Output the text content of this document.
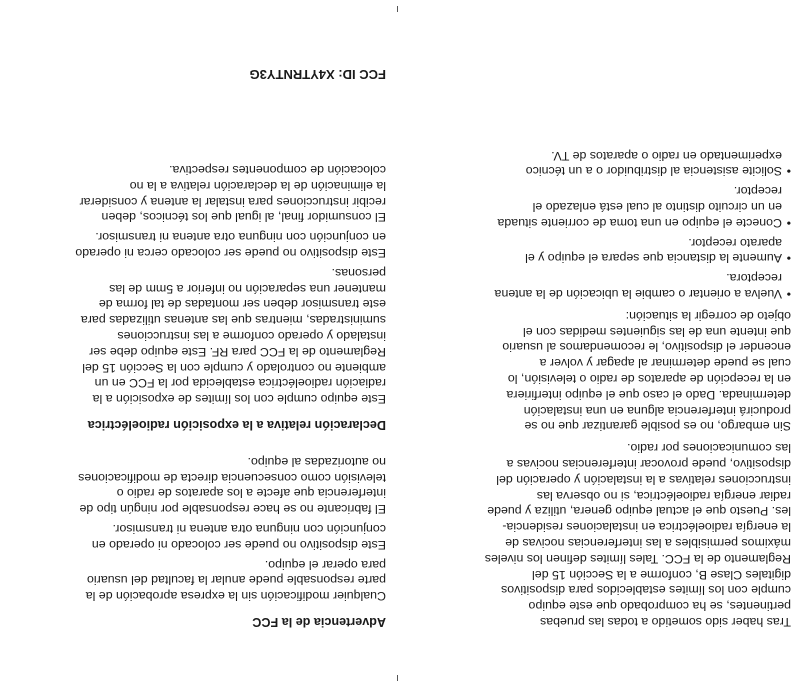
Tras haber sido sometido a todas las pruebas
pertinentes, se ha comprobado que este equipo
cumple con los límites establecidos para dispositivos
digitales Clase B, conforme a la Sección 15 del
Reglamento de la FCC. Tales límites definen los niveles
máximos permisibles a las interferencias nocivas de
la energía radioeléctrica en instalaciones residencia-
les. Puesto que el actual equipo genera, utiliza y puede
radiar energía radioeléctrica, si no observa las
instrucciones relativas a la instalación y operación del
dispositivo, puede provocar interferencias nocivas a
las comunicaciones por radio.

Sin embargo, no es posible garantizar que no se
producirá interferencia alguna en una instalación
determinada. Dado el caso que el equipo interfiriera
en la recepción de aparatos de radio o televisión, lo
cual se puede determinar al apagar y volver a
encender el dispositivo, le recomendamos al usuario
que intente una de las siguientes medidas con el
objeto de corregir la situación:

• Vuelva a orientar o cambie la ubicación de la antena
receptora.
• Aumente la distancia que separa el equipo y el
aparato receptor.
• Conecte el equipo en una toma de corriente situada
en un circuito distinto al cual está enlazado el
receptor.
• Solicite asistencia al distribuidor o a un técnico
experimentado en radio o aparatos de TV.
Advertencia de la FCC

Cualquier modificación sin la expresa aprobación de la
parte responsable puede anular la facultad del usuario
para operar el equipo.

Este dispositivo no puede ser colocado ni operado en
conjunción con ninguna otra antena ni transmisor.

El fabricante no se hace responsable por ningún tipo de
interferencia que afecte a los aparatos de radio o
televisión como consecuencia directa de modificaciones
no autorizadas al equipo.

Declaración relativa a la exposición radioeléctrica

Este equipo cumple con los límites de exposición a la
radiación radioeléctrica establecida por la FCC en un
ambiente no controlado y cumple con la Sección 15 del
Reglamento de la FCC para RF. Este equipo debe ser
instalado y operado conforme a las instrucciones
suministradas, mientras que las antenas utilizadas para
este transmisor deben ser montadas de tal forma de
mantener una separación no inferior a 5mm de las
personas.

Este dispositivo no puede ser colocado cerca ni operado
en conjunción con ninguna otra antena ni transmisor.

El consumidor final, al igual que los técnicos, deben
recibir instrucciones para instalar la antena y considerar
la eliminación de la declaración relativa a la no
colocación de componentes respectiva.

FCC ID: X4YTRNTY3G
